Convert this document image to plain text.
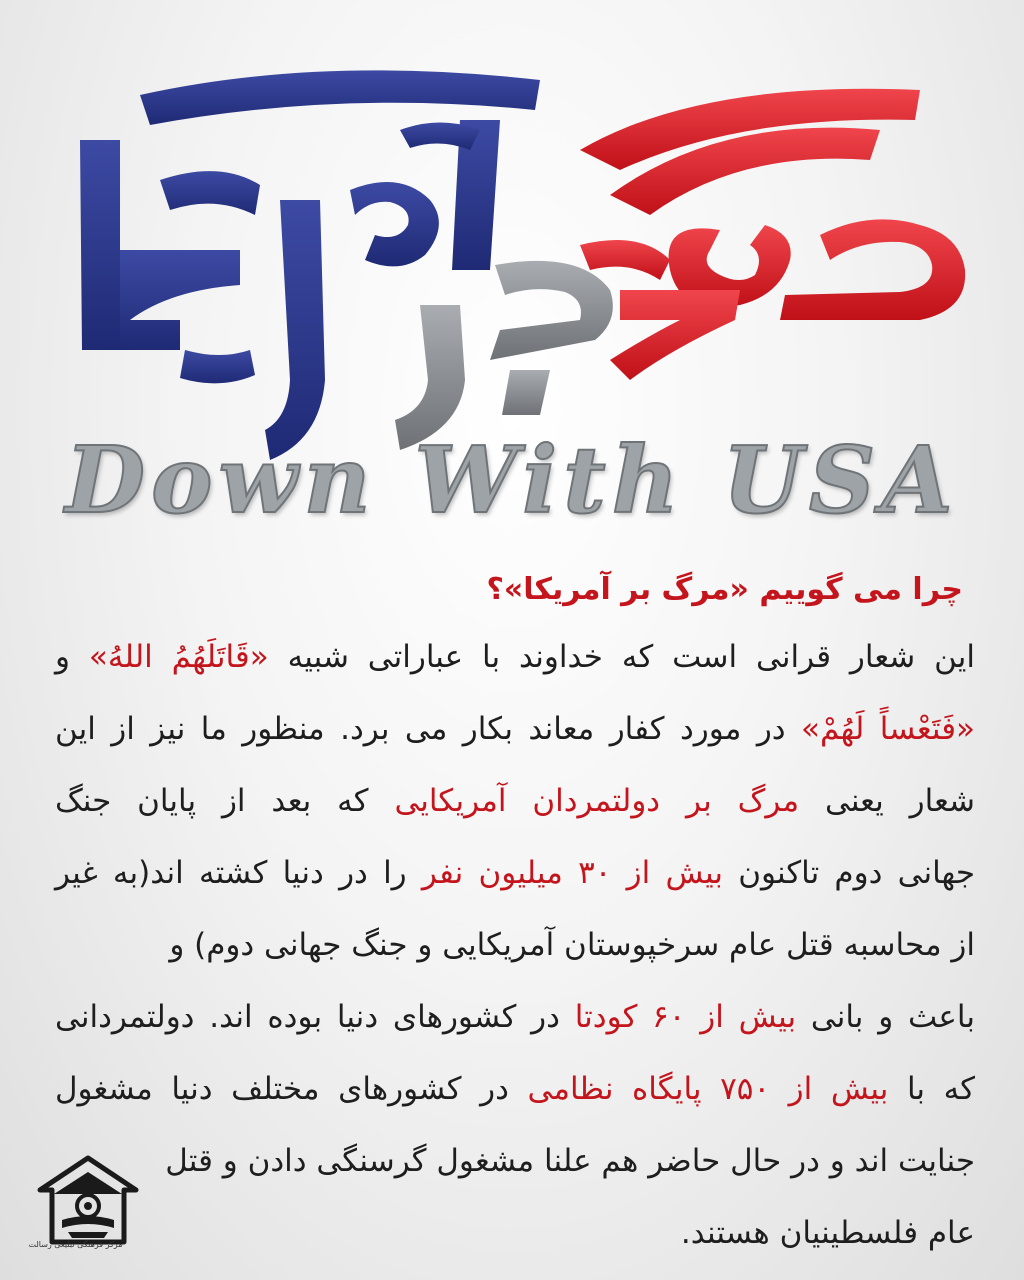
Down With USA
چرا می گوییم «مرگ بر آمریکا»؟
این شعار قرانی است که خداوند با عباراتی شبیه «قَاتَلَهُمُ اللهُ» و
«فَتَعْساً لَهُمْ» در مورد کفار معاند بکار می برد. منظور ما نیز از این
شعار یعنی مرگ بر دولتمردان آمریکایی که بعد از پایان جنگ
جهانی دوم تاکنون بیش از ۳۰ میلیون نفر را در دنیا کشته اند(به غیر
از محاسبه قتل عام سرخپوستان آمریکایی و جنگ جهانی دوم) و
باعث و بانی بیش از ۶۰ کودتا در کشورهای دنیا بوده اند. دولتمردانی
که با بیش از ۷۵۰ پایگاه نظامی در کشورهای مختلف دنیا مشغول
جنایت اند و در حال حاضر هم علنا مشغول گرسنگی دادن و قتل
عام فلسطینیان هستند.
مرکز فرهنگی تبلیغی رسالت
